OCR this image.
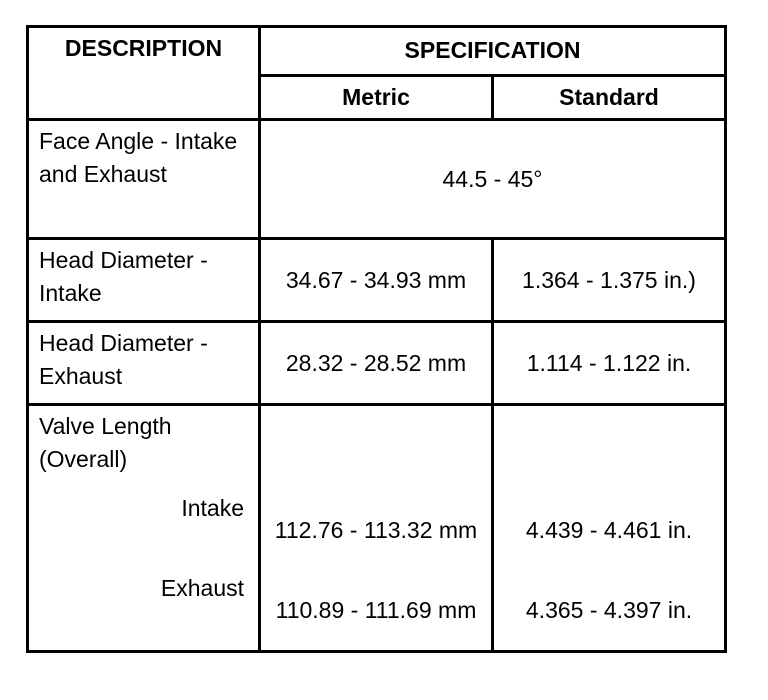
DESCRIPTION	SPECIFICATION	
	Metric	Standard
Face Angle - Intake and Exhaust	44.5 - 45°	
Head Diameter - Intake	34.67 - 34.93 mm	1.364 - 1.375 in.)
Head Diameter - Exhaust	28.32 - 28.52 mm	1.114 - 1.122 in.
Valve Length (Overall)		
Intake	112.76 - 113.32 mm	4.439 - 4.461 in.
Exhaust	110.89 - 111.69 mm	4.365 - 4.397 in.
